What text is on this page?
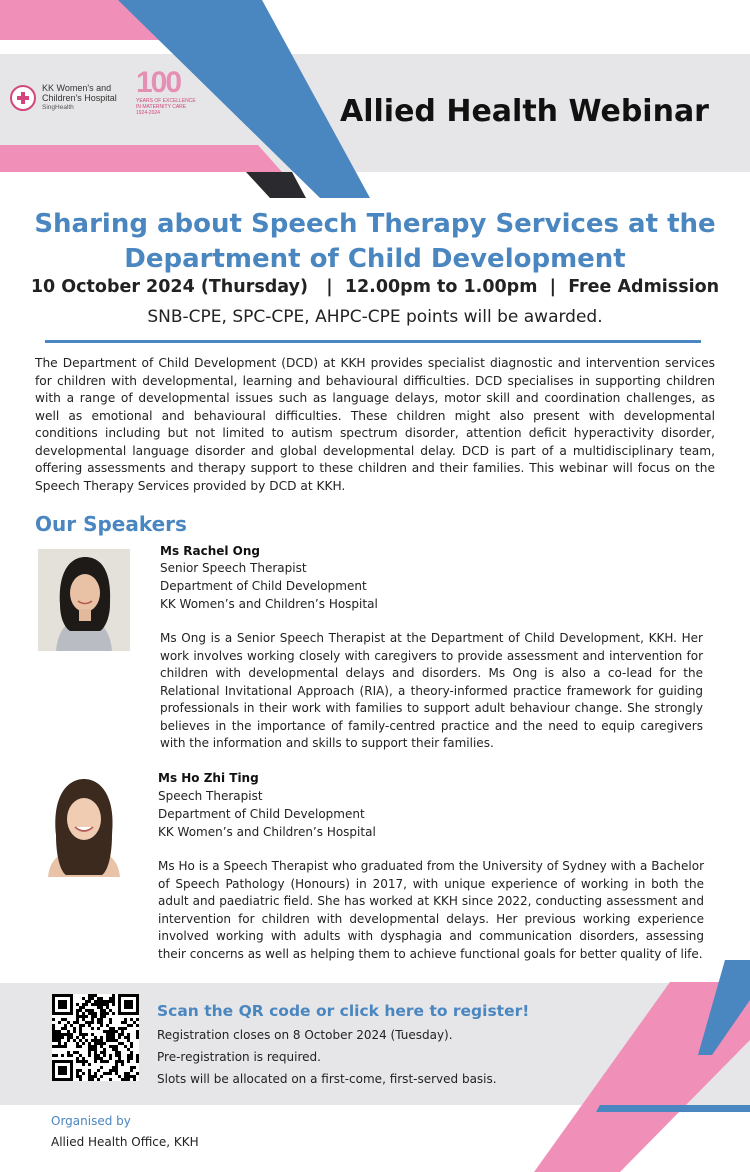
KK Women's and
Children's Hospital
SingHealth
100
YEARS OF EXCELLENCE
IN MATERNITY CARE
1924-2024	Allied Health Webinar
Sharing about Speech Therapy Services at the
Department of Child Development
10 October 2024 (Thursday)   |  12.00pm to 1.00pm  |  Free Admission
SNB-CPE, SPC-CPE, AHPC-CPE points will be awarded.
The Department of Child Development (DCD) at KKH provides specialist diagnostic and intervention services for children with developmental, learning and behavioural difficulties. DCD specialises in supporting children with a range of developmental issues such as language delays, motor skill and coordination challenges, as well as emotional and behavioural difficulties. These children might also present with developmental conditions including but not limited to autism spectrum disorder, attention deficit hyperactivity disorder, developmental language disorder and global developmental delay. DCD is part of a multidisciplinary team, offering assessments and therapy support to these children and their families. This webinar will focus on the Speech Therapy Services provided by DCD at KKH.
Our Speakers
Ms Rachel Ong
Senior Speech Therapist
Department of Child Development
KK Women’s and Children’s Hospital
Ms Ong is a Senior Speech Therapist at the Department of Child Development, KKH. Her work involves working closely with caregivers to provide assessment and intervention for children with developmental delays and disorders. Ms Ong is also a co-lead for the Relational Invitational Approach (RIA), a theory-informed practice framework for guiding professionals in their work with families to support adult behaviour change. She strongly believes in the importance of family-centred practice and the need to equip caregivers with the information and skills to support their families.
Ms Ho Zhi Ting
Speech Therapist
Department of Child Development
KK Women’s and Children’s Hospital
Ms Ho is a Speech Therapist who graduated from the University of Sydney with a Bachelor of Speech Pathology (Honours) in 2017, with unique experience of working in both the adult and paediatric field. She has worked at KKH since 2022, conducting assessment and intervention for children with developmental delays. Her previous working experience involved working with adults with dysphagia and communication disorders, assessing their concerns as well as helping them to achieve functional goals for better quality of life.
Scan the QR code or click here to register!
Registration closes on 8 October 2024 (Tuesday).
Pre-registration is required.
Slots will be allocated on a first-come, first-served basis.
Organised by
Allied Health Office, KKH
